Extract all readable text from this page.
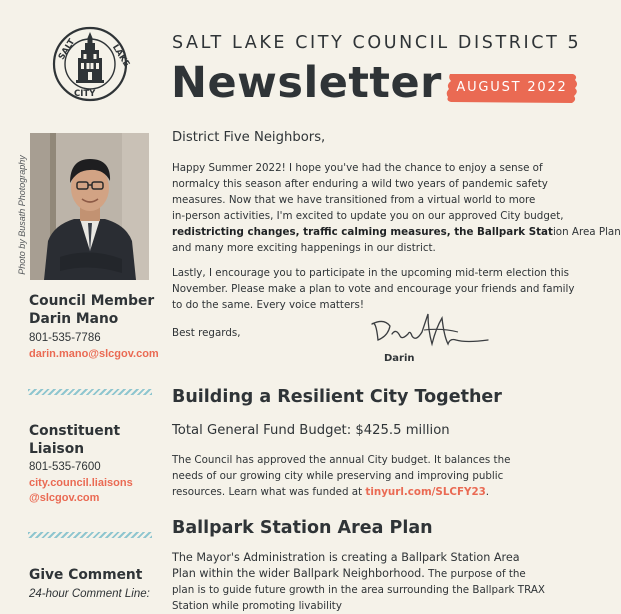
SALT	LAKE
CITY
SALT LAKE CITY COUNCIL DISTRICT 5
Newsletter	AUGUST 2022
Photo by Busath Photography
Council Member
Darin Mano
801-535-7786
darin.mano@slcgov.com
Constituent
Liaison
801-535-7600
city.council.liaisons
@slcgov.com
Give Comment
24-hour Comment Line:
District Five Neighbors,
Happy Summer 2022! I hope you've had the chance to enjoy a sense of
normalcy this season after enduring a wild two years of pandemic safety
measures. Now that we have transitioned from a virtual world to more
in-person activities, I'm excited to update you on our approved City budget,
redistricting changes, traffic calming measures, the Ballpark Station Area Plan
and many more exciting happenings in our district.
Lastly, I encourage you to participate in the upcoming mid-term election this
November. Please make a plan to vote and encourage your friends and family
to do the same. Every voice matters!
Best regards,
Darin
Building a Resilient City Together
Total General Fund Budget: $425.5 million
The Council has approved the annual City budget. It balances the
needs of our growing city while preserving and improving public
resources. Learn what was funded at tinyurl.com/SLCFY23.
Ballpark Station Area Plan
The Mayor's Administration is creating a Ballpark Station Area
Plan within the wider Ballpark Neighborhood. The purpose of the
plan is to guide future growth in the area surrounding the Ballpark TRAX
Station while promoting livability
